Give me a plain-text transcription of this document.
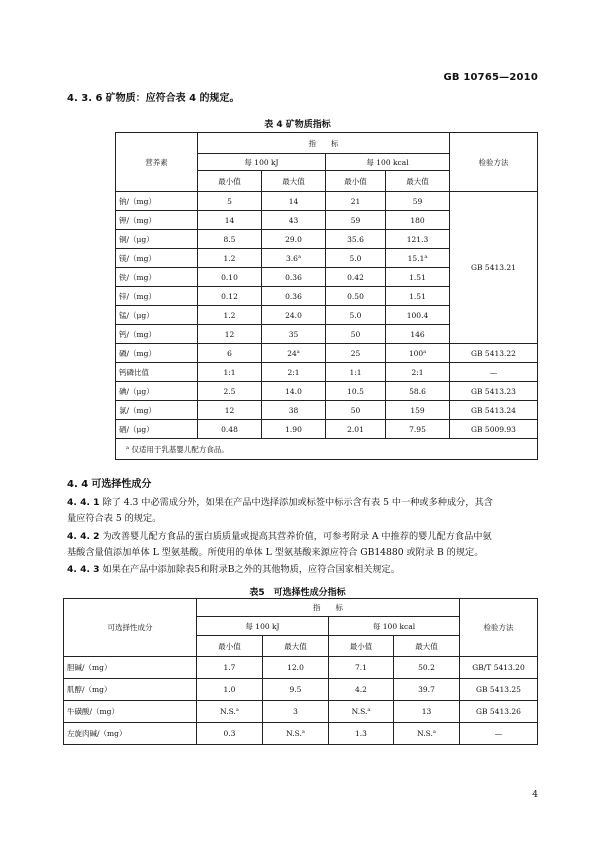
GB 10765—2010
4. 3. 6 矿物质：应符合表 4 的规定。
表 4 矿物质指标
营养素	指　　标				检验方法
	每 100 kJ		每 100 kcal		
	最小值	最大值	最小值	最大值	
钠/（mg）	5	14	21	59	GB 5413.21
钾/（mg）	14	43	59	180	
铜/（μg）	8.5	29.0	35.6	121.3	
镁/（mg）	1.2	3.6$^a$	5.0	15.1$^a$
铁/（mg）	0.10	0.36	0.42	1.51	
锌/（mg）	0.12	0.36	0.50	1.51	
锰/（μg）	1.2	24.0	5.0	100.4	
钙/（mg）	12	35	50	146	
磷/（mg）	6	24$^a$	25	100$^a$	GB 5413.22
钙磷比值	1:1	2:1	1:1	2:1	—
碘/（μg）	2.5	14.0	10.5	58.6	GB 5413.23
氯/（mg）	12	38	50	159	GB 5413.24
硒/（μg）	0.48	1.90	2.01	7.95	GB 5009.93
$^a$ 仅适用于乳基婴儿配方食品。					
4. 4 可选择性成分
4. 4. 1 除了 4.3 中必需成分外，如果在产品中选择添加或标签中标示含有表 5 中一种或多种成分，其含
量应符合表 5 的规定。
4. 4. 2 为改善婴儿配方食品的蛋白质质量或提高其营养价值，可参考附录 A 中推荐的婴儿配方食品中氨
基酸含量值添加单体 L 型氨基酸。所使用的单体 L 型氨基酸来源应符合 GB14880 或附录 B 的规定。
4. 4. 3 如果在产品中添加除表5和附录B之外的其他物质，应符合国家相关规定。
表5　可选择性成分指标
可选择性成分	指　　标				检验方法
	每 100 kJ		每 100 kcal		
	最小值	最大值	最小值	最大值	
胆碱/（mg）	1.7	12.0	7.1	50.2	GB/T 5413.20
肌醇/（mg）	1.0	9.5	4.2	39.7	GB 5413.25
牛磺酸/（mg）	N.S.$^a$	3	N.S.$^a$	13	GB 5413.26
左旋肉碱/（mg）	0.3	N.S.$^a$	1.3	N.S.$^a$	—
4
